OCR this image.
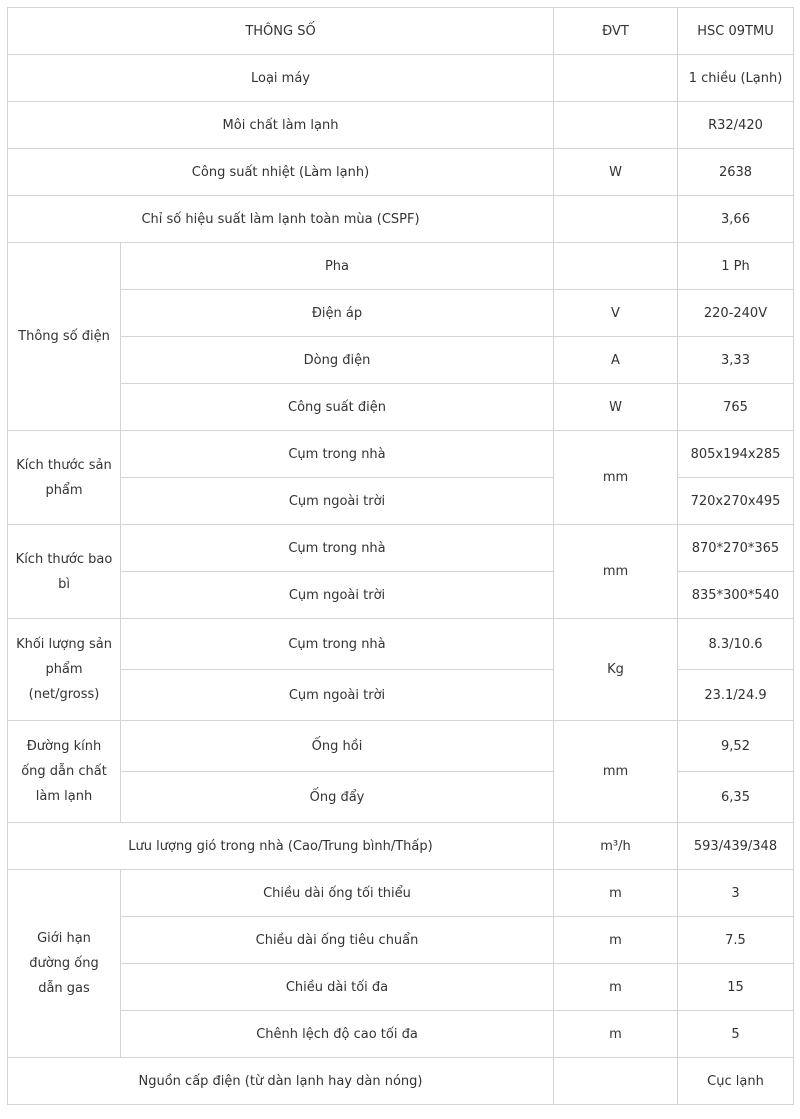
THÔNG SỐ		ĐVT	HSC 09TMU
Loại máy			1 chiều (Lạnh)
Môi chất làm lạnh			R32/420
Công suất nhiệt (Làm lạnh)		W	2638
Chỉ số hiệu suất làm lạnh toàn mùa (CSPF)			3,66
Thông số điện	Pha		1 Ph
	Điện áp	V	220-240V
	Dòng điện	A	3,33
	Công suất điện	W	765

Kích thước sản
phẩm	Cụm trong nhà	mm	805x194x285
	Cụm ngoài trời		720x270x495

Kích thước bao
bì	Cụm trong nhà	mm	870*270*365
	Cụm ngoài trời		835*300*540

Khối lượng sản
phẩm
(net/gross)	Cụm trong nhà	Kg	8.3/10.6
	Cụm ngoài trời		23.1/24.9

Đường kính
ống dẫn chất
làm lạnh	Ống hồi	mm	9,52
	Ống đẩy		6,35
Lưu lượng gió trong nhà (Cao/Trung bình/Thấp)		m³/h	593/439/348

Giới hạn
đường ống
dẫn gas	Chiều dài ống tối thiểu	m	3
	Chiều dài ống tiêu chuẩn	m	7.5
	Chiều dài tối đa	m	15
	Chênh lệch độ cao tối đa	m	5
Nguồn cấp điện (từ dàn lạnh hay dàn nóng)			Cục lạnh
